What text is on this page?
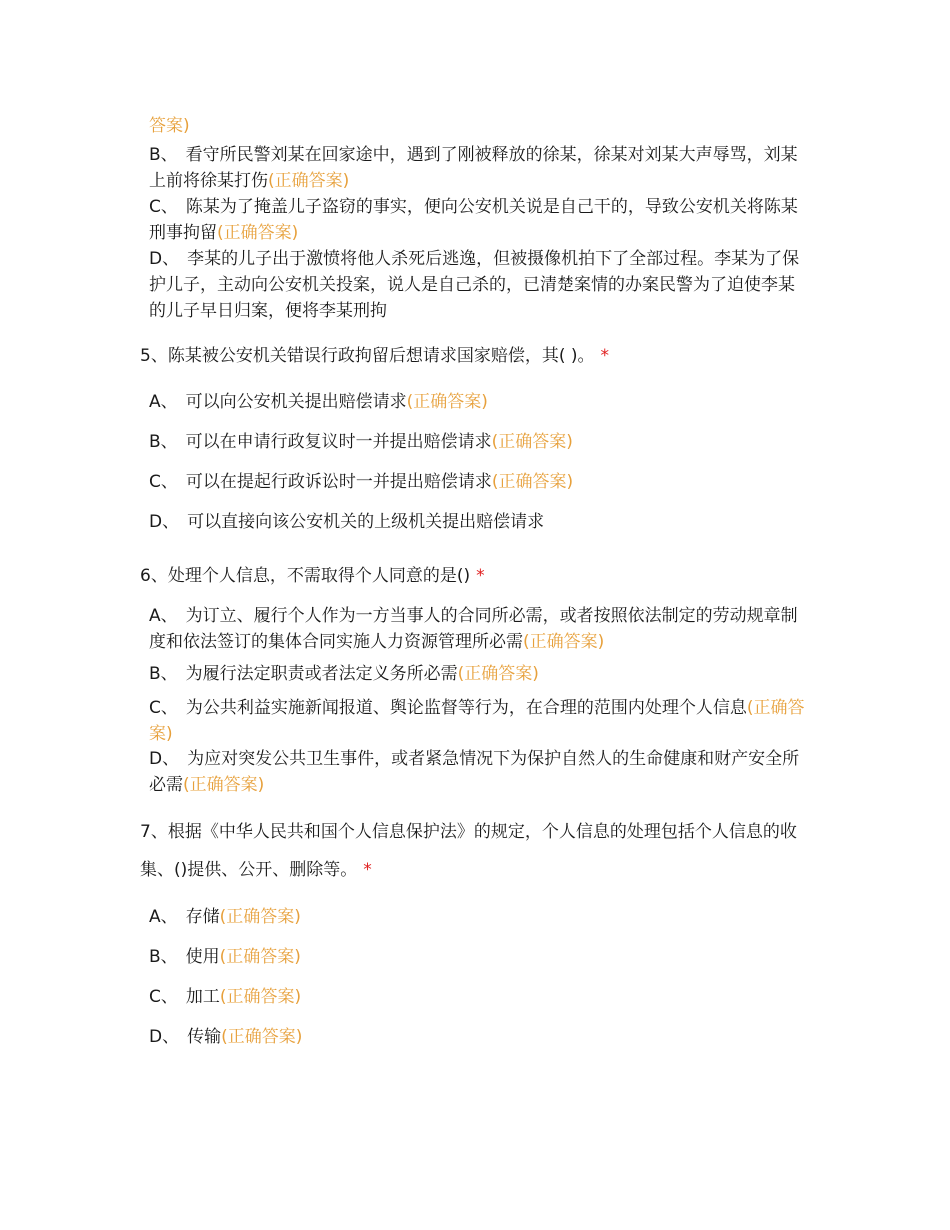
答案)
B、 看守所民警刘某在回家途中，遇到了刚被释放的徐某，徐某对刘某大声辱骂，刘某上前将徐某打伤(正确答案)
C、 陈某为了掩盖儿子盗窃的事实，便向公安机关说是自己干的，导致公安机关将陈某刑事拘留(正确答案)
D、 李某的儿子出于激愤将他人杀死后逃逸，但被摄像机拍下了全部过程。李某为了保护儿子，主动向公安机关投案，说人是自己杀的，已清楚案情的办案民警为了迫使李某的儿子早日归案，便将李某刑拘
5、陈某被公安机关错误行政拘留后想请求国家赔偿，其( )。 *
A、 可以向公安机关提出赔偿请求(正确答案)
B、 可以在申请行政复议时一并提出赔偿请求(正确答案)
C、 可以在提起行政诉讼时一并提出赔偿请求(正确答案)
D、 可以直接向该公安机关的上级机关提出赔偿请求
6、处理个人信息，不需取得个人同意的是() *
A、 为订立、履行个人作为一方当事人的合同所必需，或者按照依法制定的劳动规章制度和依法签订的集体合同实施人力资源管理所必需(正确答案)
B、 为履行法定职责或者法定义务所必需(正确答案)
C、 为公共利益实施新闻报道、舆论监督等行为，在合理的范围内处理个人信息(正确答案)
D、 为应对突发公共卫生事件，或者紧急情况下为保护自然人的生命健康和财产安全所必需(正确答案)
7、根据《中华人民共和国个人信息保护法》的规定，个人信息的处理包括个人信息的收集、()提供、公开、删除等。 *
A、 存储(正确答案)
B、 使用(正确答案)
C、 加工(正确答案)
D、 传输(正确答案)
